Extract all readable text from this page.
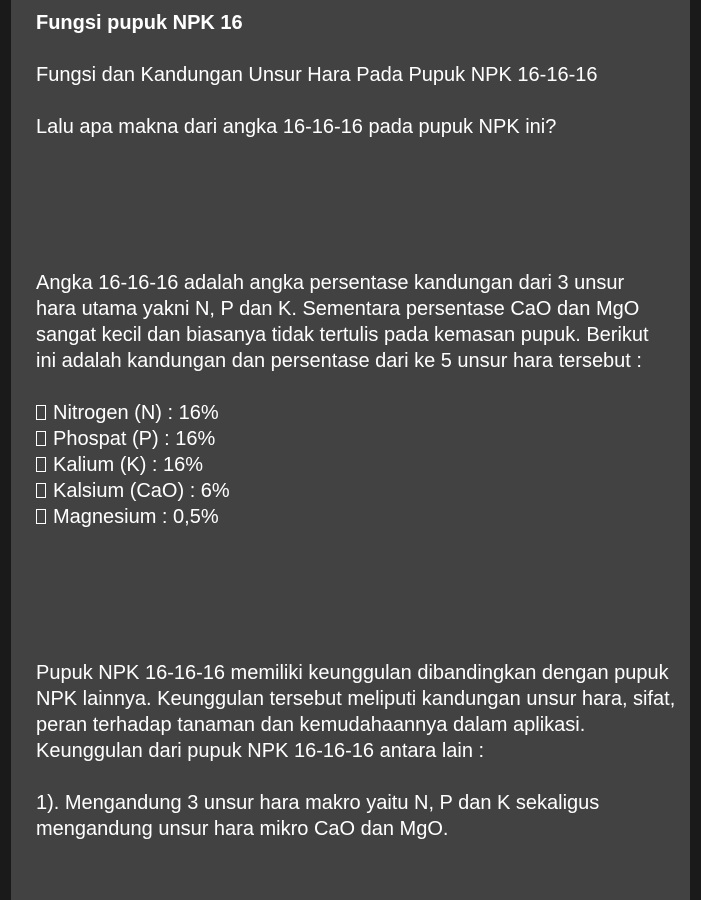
Fungsi pupuk NPK 16

Fungsi dan Kandungan Unsur Hara Pada Pupuk NPK 16-16-16

Lalu apa makna dari angka 16-16-16 pada pupuk NPK ini?

Angka 16-16-16 adalah angka persentase kandungan dari 3 unsur hara utama yakni N, P dan K. Sementara persentase CaO dan MgO sangat kecil dan biasanya tidak tertulis pada kemasan pupuk. Berikut ini adalah kandungan dan persentase dari ke 5 unsur hara tersebut :

Nitrogen (N) : 16%
Phospat (P) : 16%
Kalium (K) : 16%
Kalsium (CaO) : 6%
Magnesium : 0,5%

Pupuk NPK 16-16-16 memiliki keunggulan dibandingkan dengan pupuk NPK lainnya. Keunggulan tersebut meliputi kandungan unsur hara, sifat, peran terhadap tanaman dan kemudahaannya dalam aplikasi. Keunggulan dari pupuk NPK 16-16-16 antara lain :

1). Mengandung 3 unsur hara makro yaitu N, P dan K sekaligus mengandung unsur hara mikro CaO dan MgO.
